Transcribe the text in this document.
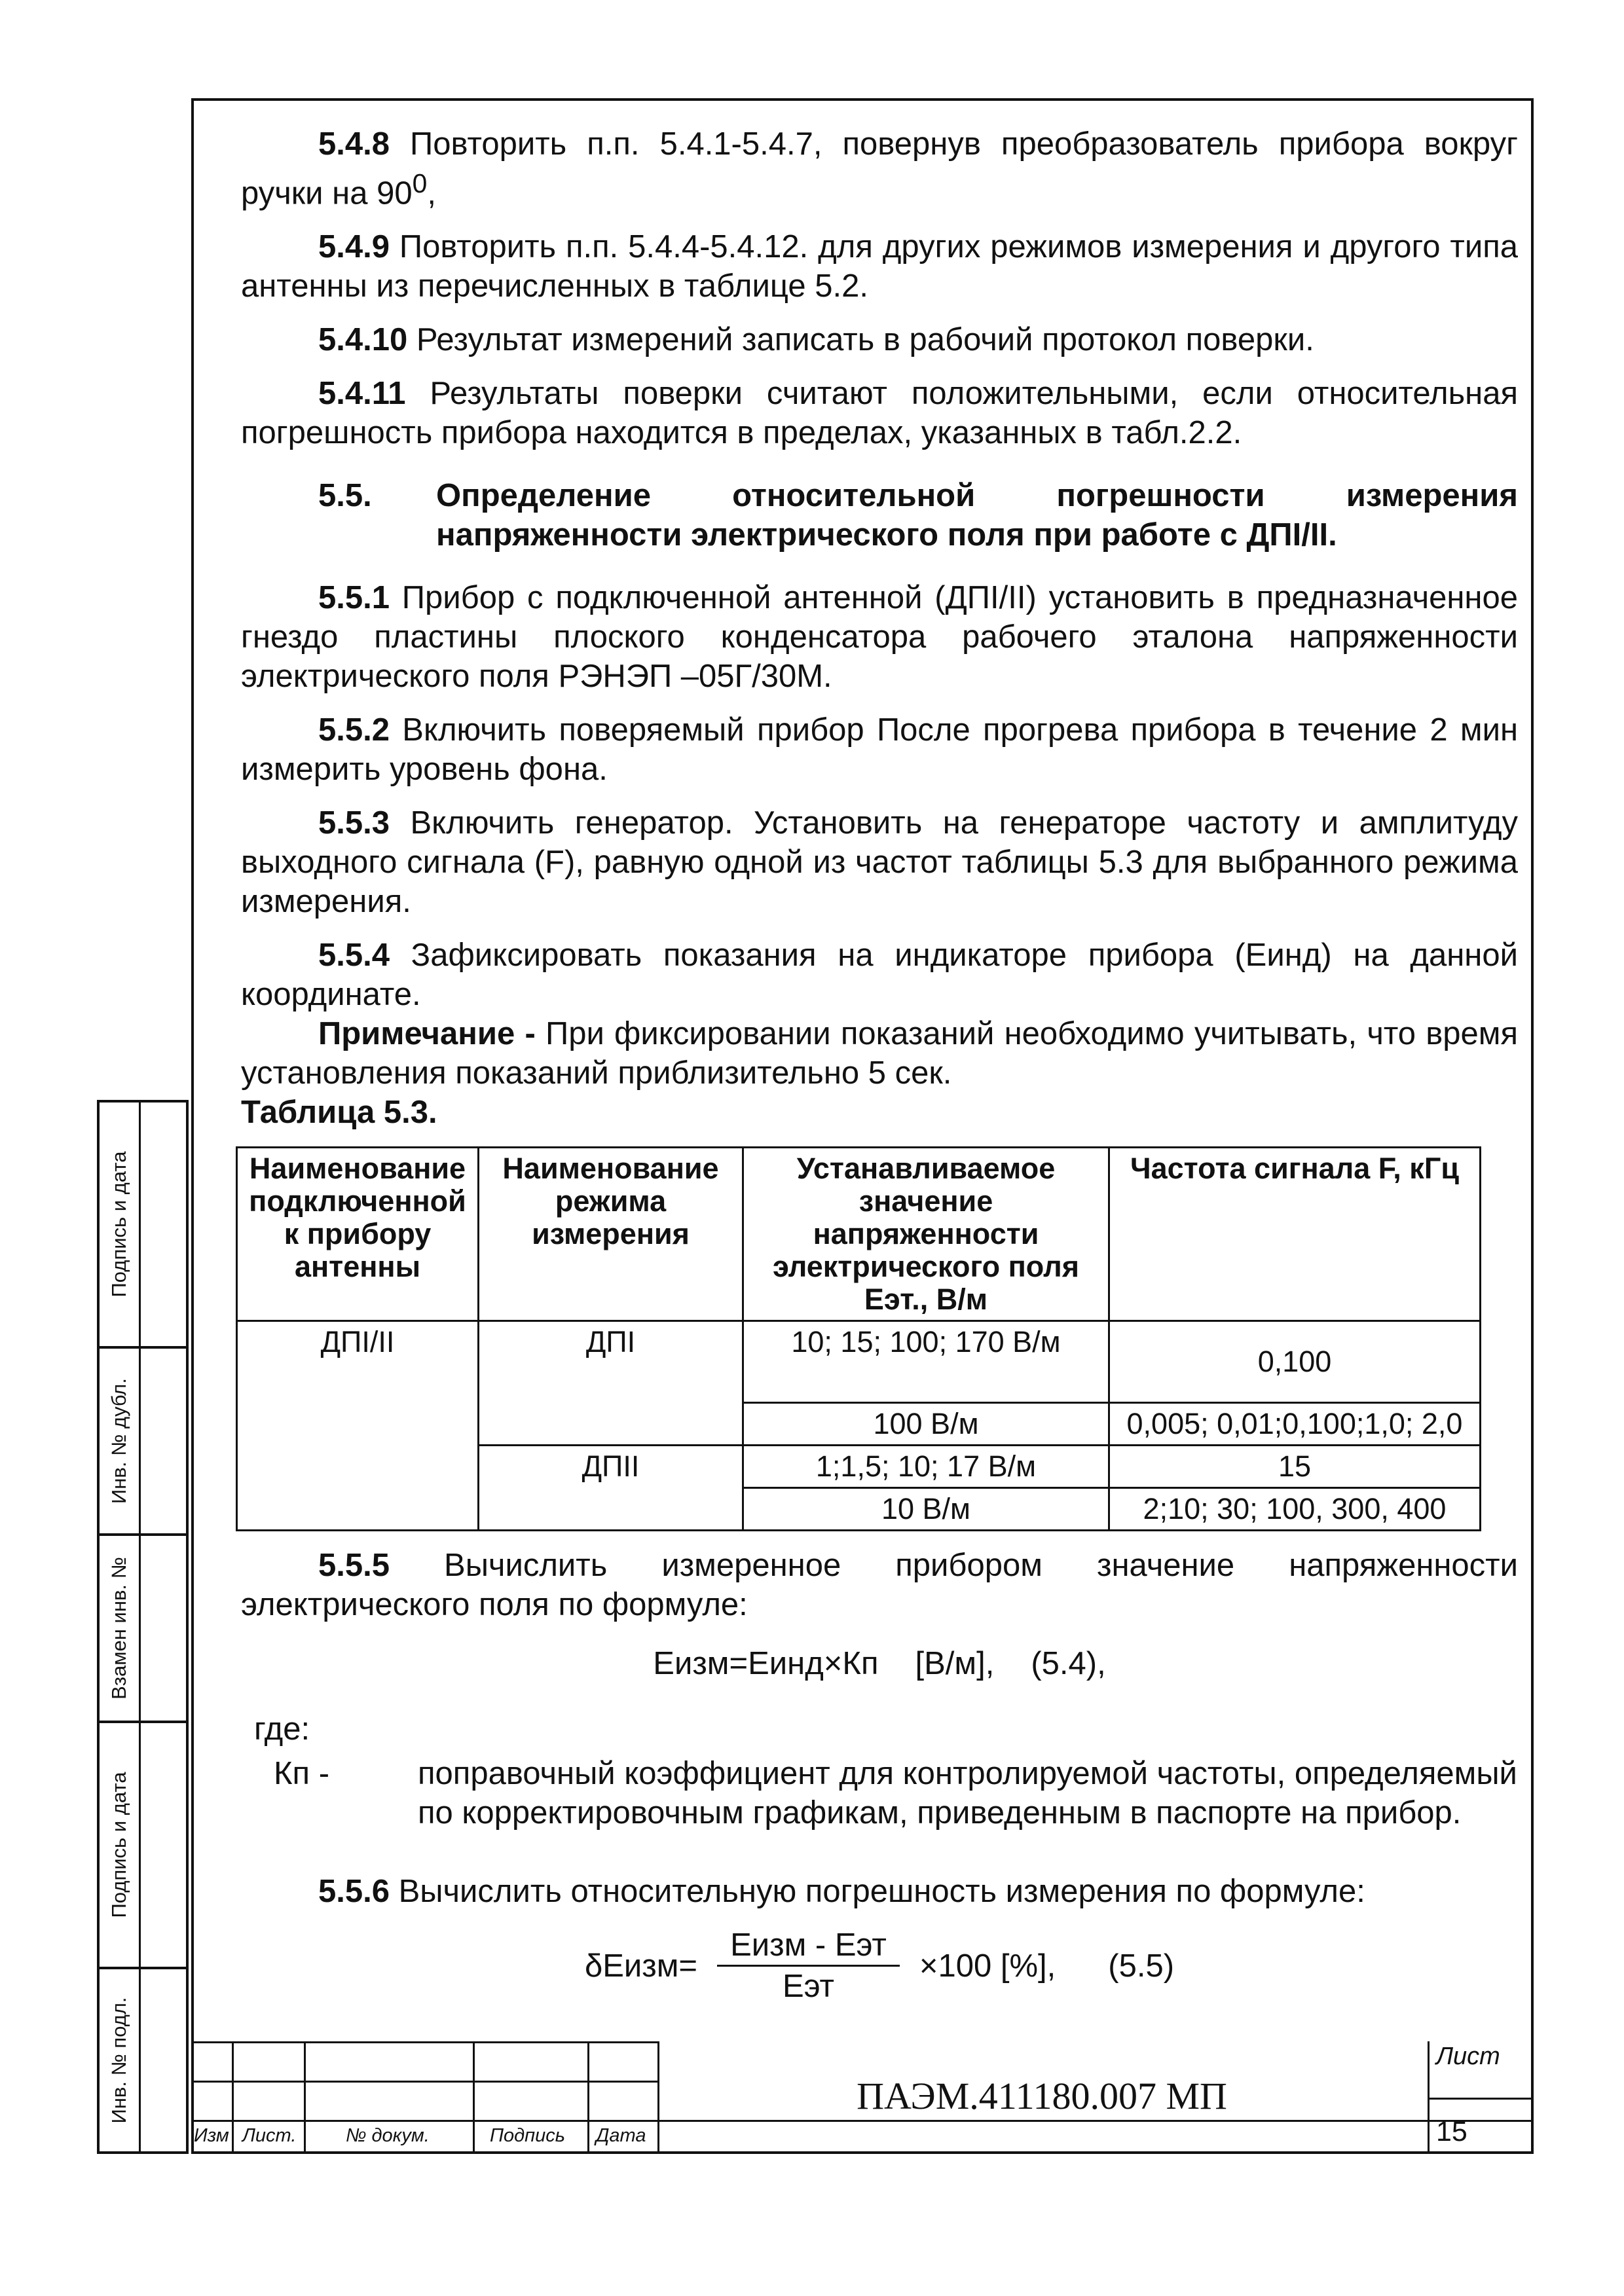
5.4.8 Повторить п.п. 5.4.1-5.4.7, повернув преобразователь прибора вокруг ручки на $90^0$,

5.4.9 Повторить п.п. 5.4.4-5.4.12. для других режимов измерения и другого типа антенны из перечисленных в таблице 5.2.

5.4.10 Результат измерений записать в рабочий протокол поверки.

5.4.11 Результаты поверки считают положительными, если относительная погрешность прибора находится в пределах, указанных в табл.2.2.

5.5.	Определение относительной погрешности измерения напряженности электрического поля при работе с ДПI/II.

5.5.1 Прибор с подключенной антенной (ДПI/II) установить в предназначенное гнездо пластины плоского конденсатора рабочего эталона напряженности электрического поля РЭНЭП –05Г/30М.

5.5.2 Включить поверяемый прибор После прогрева прибора в течение 2 мин измерить уровень фона.

5.5.3 Включить генератор. Установить на генераторе частоту и амплитуду выходного сигнала (F), равную одной из частот таблицы 5.3 для выбранного режима измерения.

5.5.4 Зафиксировать показания на индикаторе прибора (Еинд) на данной координате.

Примечание - При фиксировании показаний необходимо учитывать, что время установления показаний приблизительно 5 сек.

Таблица 5.3.

Наименование подключенной к прибору антенны	Наименование режима измерения	Устанавливаемое значение напряженности электрического поля Еэт., В/м	Частота сигнала F, кГц
ДПI/II	ДПI	10; 15; 100; 170 В/м	0,100
		100 В/м	0,005; 0,01;0,100;1,0; 2,0
	ДПII	1;1,5; 10; 17 В/м	15
		10 В/м	2;10; 30; 100, 300, 400

5.5.5 Вычислить измеренное прибором значение напряженности электрического поля по формуле:

Еизм=Еинд×Кп [В/м], (5.4),
где:
Кп -	поправочный коэффициент для контролируемой частоты, определяемый по корректировочным графикам, приведенным в паспорте на прибор.

5.5.6 Вычислить относительную погрешность измерения по формуле:

δЕизм= $\frac{\text{Еизм - Еэт}}{\text{Еэт}} \times 100$ [%], (5.5)
Подпись и дата
Инв. № дубл.
Взамен инв. №
Подпись и дата
Инв. № подл.
Изм Лист.	№ докум.	Подпись Дата
ПАЭМ.411180.007 МП
Лист
15
